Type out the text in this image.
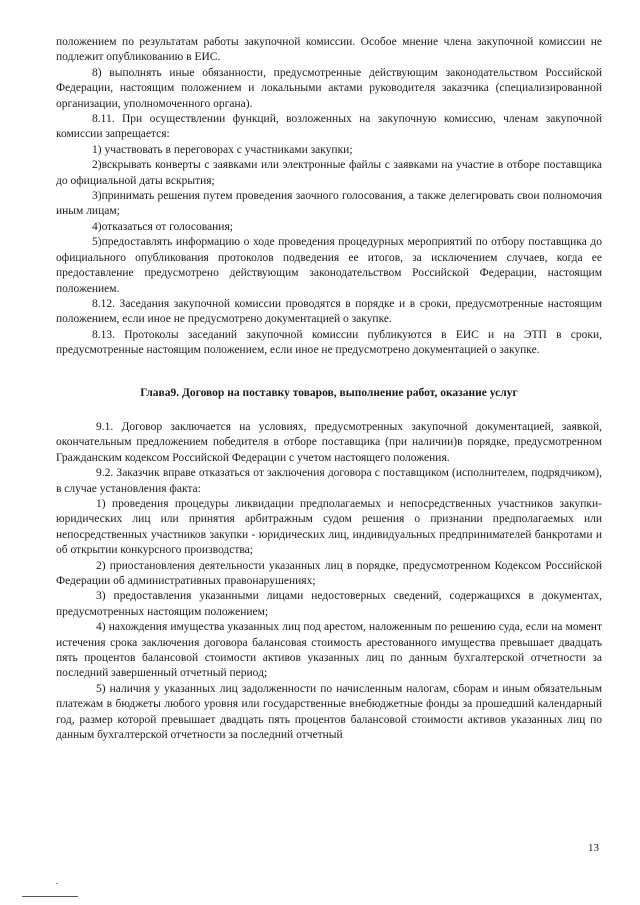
положением по результатам работы закупочной комиссии. Особое мнение члена закупочной комиссии не подлежит опубликованию в ЕИС.

8) выполнять иные обязанности, предусмотренные действующим законодательством Российской Федерации, настоящим положением и локальными актами руководителя заказчика (специализированной организации, уполномоченного органа).

8.11. При осуществлении функций, возложенных на закупочную комиссию, членам закупочной комиссии запрещается:

1) участвовать в переговорах с участниками закупки;

2)вскрывать конверты с заявками или электронные файлы с заявками на участие в отборе поставщика до официальной даты вскрытия;

3)принимать решения путем проведения заочного голосования, а также делегировать свои полномочия иным лицам;

4)отказаться от голосования;

5)предоставлять информацию о ходе проведения процедурных мероприятий по отбору поставщика до официального опубликования протоколов подведения ее итогов, за исключением случаев, когда ее предоставление предусмотрено действующим законодательством Российской Федерации, настоящим положением.

8.12. Заседания закупочной комиссии проводятся в порядке и в сроки, предусмотренные настоящим положением, если иное не предусмотрено документацией о закупке.

8.13. Протоколы заседаний закупочной комиссии публикуются в ЕИС и на ЭТП в сроки, предусмотренные настоящим положением, если иное не предусмотрено документацией о закупке.

Глава9. Договор на поставку товаров, выполнение работ, оказание услуг

9.1. Договор заключается на условиях, предусмотренных закупочной документацией, заявкой, окончательным предложением победителя в отборе поставщика (при наличии)в порядке, предусмотренном Гражданским кодексом Российской Федерации с учетом настоящего положения.

9.2. Заказчик вправе отказаться от заключения договора с поставщиком (исполнителем, подрядчиком), в случае установления факта:

1) проведения процедуры ликвидации предполагаемых и непосредственных участников закупки- юридических лиц или принятия арбитражным судом решения о признании предполагаемых или непосредственных участников закупки - юридических лиц, индивидуальных предпринимателей банкротами и об открытии конкурсного производства;

2) приостановления деятельности указанных лиц в порядке, предусмотренном Кодексом Российской Федерации об административных правонарушениях;

3) предоставления указанными лицами недостоверных сведений, содержащихся в документах, предусмотренных настоящим положением;

4) нахождения имущества указанных лиц под арестом, наложенным по решению суда, если на момент истечения срока заключения договора балансовая стоимость арестованного имущества превышает двадцать пять процентов балансовой стоимости активов указанных лиц по данным бухгалтерской отчетности за последний завершенный отчетный период;

5) наличия у указанных лиц задолженности по начисленным налогам, сборам и иным обязательным платежам в бюджеты любого уровня или государственные внебюджетные фонды за прошедший календарный год, размер которой превышает двадцать пять процентов балансовой стоимости активов указанных лиц по данным бухгалтерской отчетности за последний отчетный

13
